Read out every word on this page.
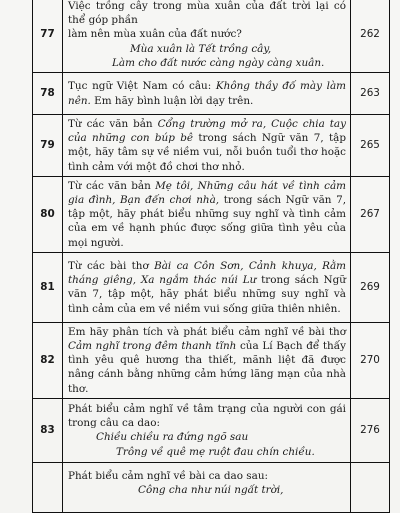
77	Việc trồng cây trong mùa xuân của đất trời lại có thể góp phần
làm nên mùa xuân của đất nước?
Mùa xuân là Tết trồng cây,
Làm cho đất nước càng ngày càng xuân.	262
78	Tục ngữ Việt Nam có câu: Không thầy đố mày làm nên. Em hãy bình luận lời dạy trên.	263
79	Từ các văn bản Cổng trường mở ra, Cuộc chia tay của những con búp bê trong sách Ngữ văn 7, tập một, hãy tâm sự về niềm vui, nỗi buồn tuổi thơ hoặc tình cảm với một đồ chơi thơ nhỏ.	265
80	Từ các văn bản Mẹ tôi, Những câu hát về tình cảm gia đình, Bạn đến chơi nhà, trong sách Ngữ văn 7, tập một, hãy phát biểu những suy nghĩ và tình cảm của em về hạnh phúc được sống giữa tình yêu của mọi người.	267
81	Từ các bài thơ Bài ca Côn Sơn, Cảnh khuya, Rằm tháng giêng, Xa ngắm thác núi Lư trong sách Ngữ văn 7, tập một, hãy phát biểu những suy nghĩ và tình cảm của em về niềm vui sống giữa thiên nhiên.	269
82	Em hãy phân tích và phát biểu cảm nghĩ về bài thơ Cảm nghĩ trong đêm thanh tĩnh của Lí Bạch để thấy tình yêu quê hương tha thiết, mãnh liệt đã được nâng cánh bằng những cảm hứng lãng mạn của nhà thơ.	270
83	Phát biểu cảm nghĩ về tâm trạng của người con gái trong câu ca dao:
Chiều chiều ra đứng ngõ sau
Trông về quê mẹ ruột đau chín chiều.	276

	Phát biểu cảm nghĩ về bài ca dao sau:
Công cha như núi ngất trời,	
